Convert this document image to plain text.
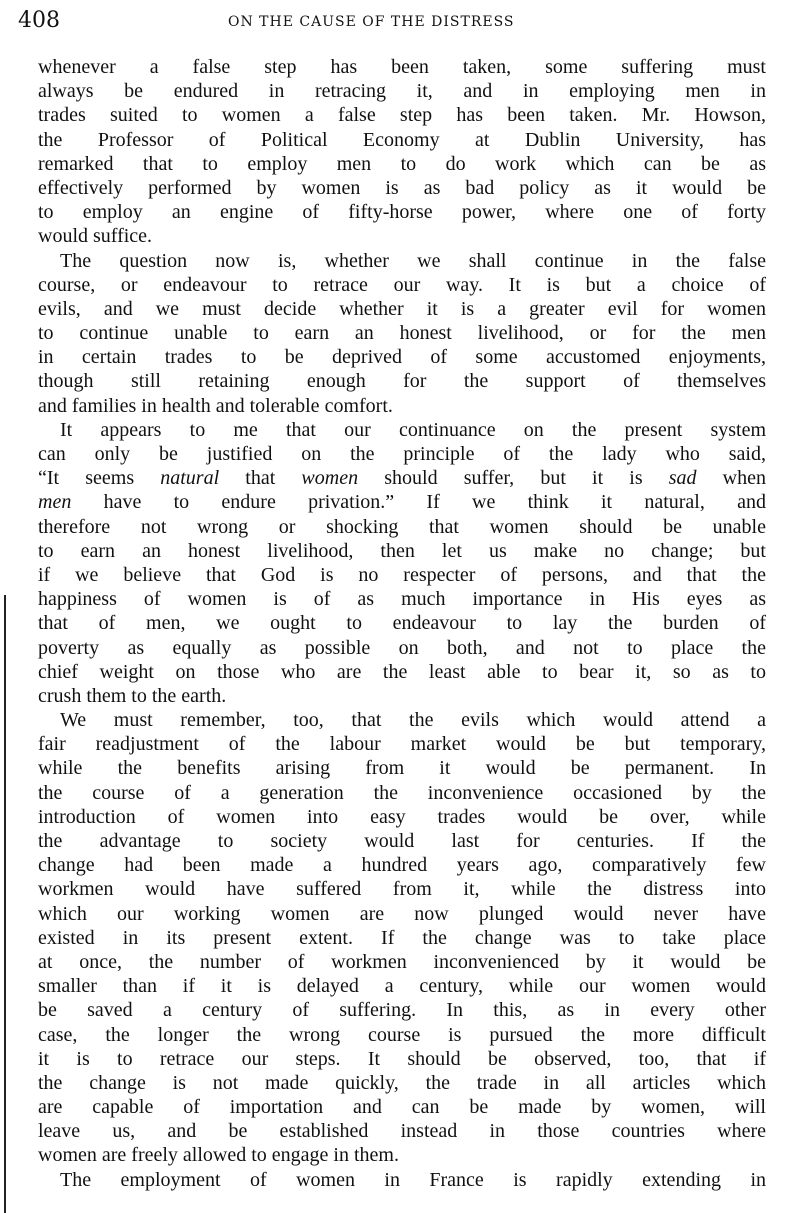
408	ON THE CAUSE OF THE DISTRESS
whenever a false step has been taken, some suffering must
always be endured in retracing it, and in employing men in
trades suited to women a false step has been taken. Mr. Howson,
the Professor of Political Economy at Dublin University, has
remarked that to employ men to do work which can be as
effectively performed by women is as bad policy as it would be
to employ an engine of fifty-horse power, where one of forty
would suffice.
The question now is, whether we shall continue in the false
course, or endeavour to retrace our way. It is but a choice of
evils, and we must decide whether it is a greater evil for women
to continue unable to earn an honest livelihood, or for the men
in certain trades to be deprived of some accustomed enjoyments,
though still retaining enough for the support of themselves
and families in health and tolerable comfort.
It appears to me that our continuance on the present system
can only be justified on the principle of the lady who said,
“It seems natural that women should suffer, but it is sad when
men have to endure privation.” If we think it natural, and
therefore not wrong or shocking that women should be unable
to earn an honest livelihood, then let us make no change; but
if we believe that God is no respecter of persons, and that the
happiness of women is of as much importance in His eyes as
that of men, we ought to endeavour to lay the burden of
poverty as equally as possible on both, and not to place the
chief weight on those who are the least able to bear it, so as to
crush them to the earth.
We must remember, too, that the evils which would attend a
fair readjustment of the labour market would be but temporary,
while the benefits arising from it would be permanent. In
the course of a generation the inconvenience occasioned by the
introduction of women into easy trades would be over, while
the advantage to society would last for centuries. If the
change had been made a hundred years ago, comparatively few
workmen would have suffered from it, while the distress into
which our working women are now plunged would never have
existed in its present extent. If the change was to take place
at once, the number of workmen inconvenienced by it would be
smaller than if it is delayed a century, while our women would
be saved a century of suffering. In this, as in every other
case, the longer the wrong course is pursued the more difficult
it is to retrace our steps. It should be observed, too, that if
the change is not made quickly, the trade in all articles which
are capable of importation and can be made by women, will
leave us, and be established instead in those countries where
women are freely allowed to engage in them.
The employment of women in France is rapidly extending in
